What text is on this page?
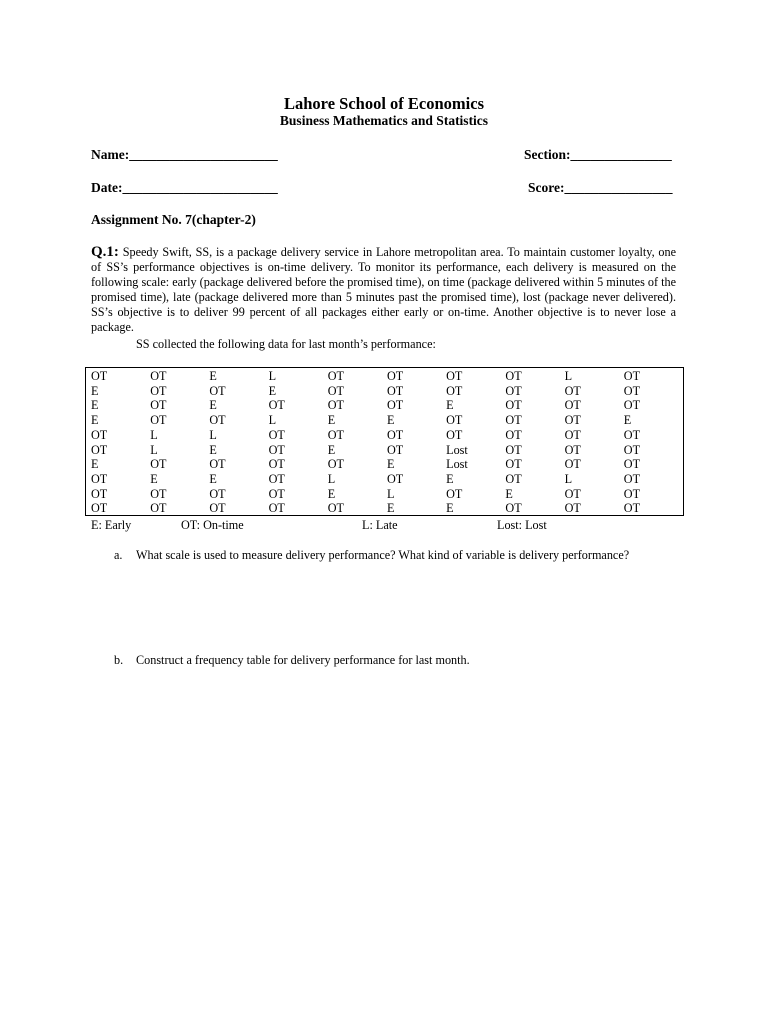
Lahore School of Economics
Business Mathematics and Statistics
Name:______________________	Section:_______________
Date:_______________________	Score:________________
Assignment No. 7(chapter-2)
Q.1: Speedy Swift, SS, is a package delivery service in Lahore metropolitan area. To maintain customer loyalty, one of SS’s performance objectives is on-time delivery. To monitor its performance, each delivery is measured on the following scale: early (package delivered before the promised time), on time (package delivered within 5 minutes of the promised time), late (package delivered more than 5 minutes past the promised time), lost (package never delivered). SS’s objective is to deliver 99 percent of all packages either early or on-time. Another objective is to never lose a package.
SS collected the following data for last month’s performance:
OT	OT	E	L	OT	OT	OT	OT	L	OT
E	OT	OT	E	OT	OT	OT	OT	OT	OT
E	OT	E	OT	OT	OT	E	OT	OT	OT
E	OT	OT	L	E	E	OT	OT	OT	E
OT	L	L	OT	OT	OT	OT	OT	OT	OT
OT	L	E	OT	E	OT	Lost	OT	OT	OT
E	OT	OT	OT	OT	E	Lost	OT	OT	OT
OT	E	E	OT	L	OT	E	OT	L	OT
OT	OT	OT	OT	E	L	OT	E	OT	OT
OT	OT	OT	OT	OT	E	E	OT	OT	OT
E: Early	OT: On-time	L: Late	Lost: Lost
a. What scale is used to measure delivery performance? What kind of variable is delivery performance?
b. Construct a frequency table for delivery performance for last month.
